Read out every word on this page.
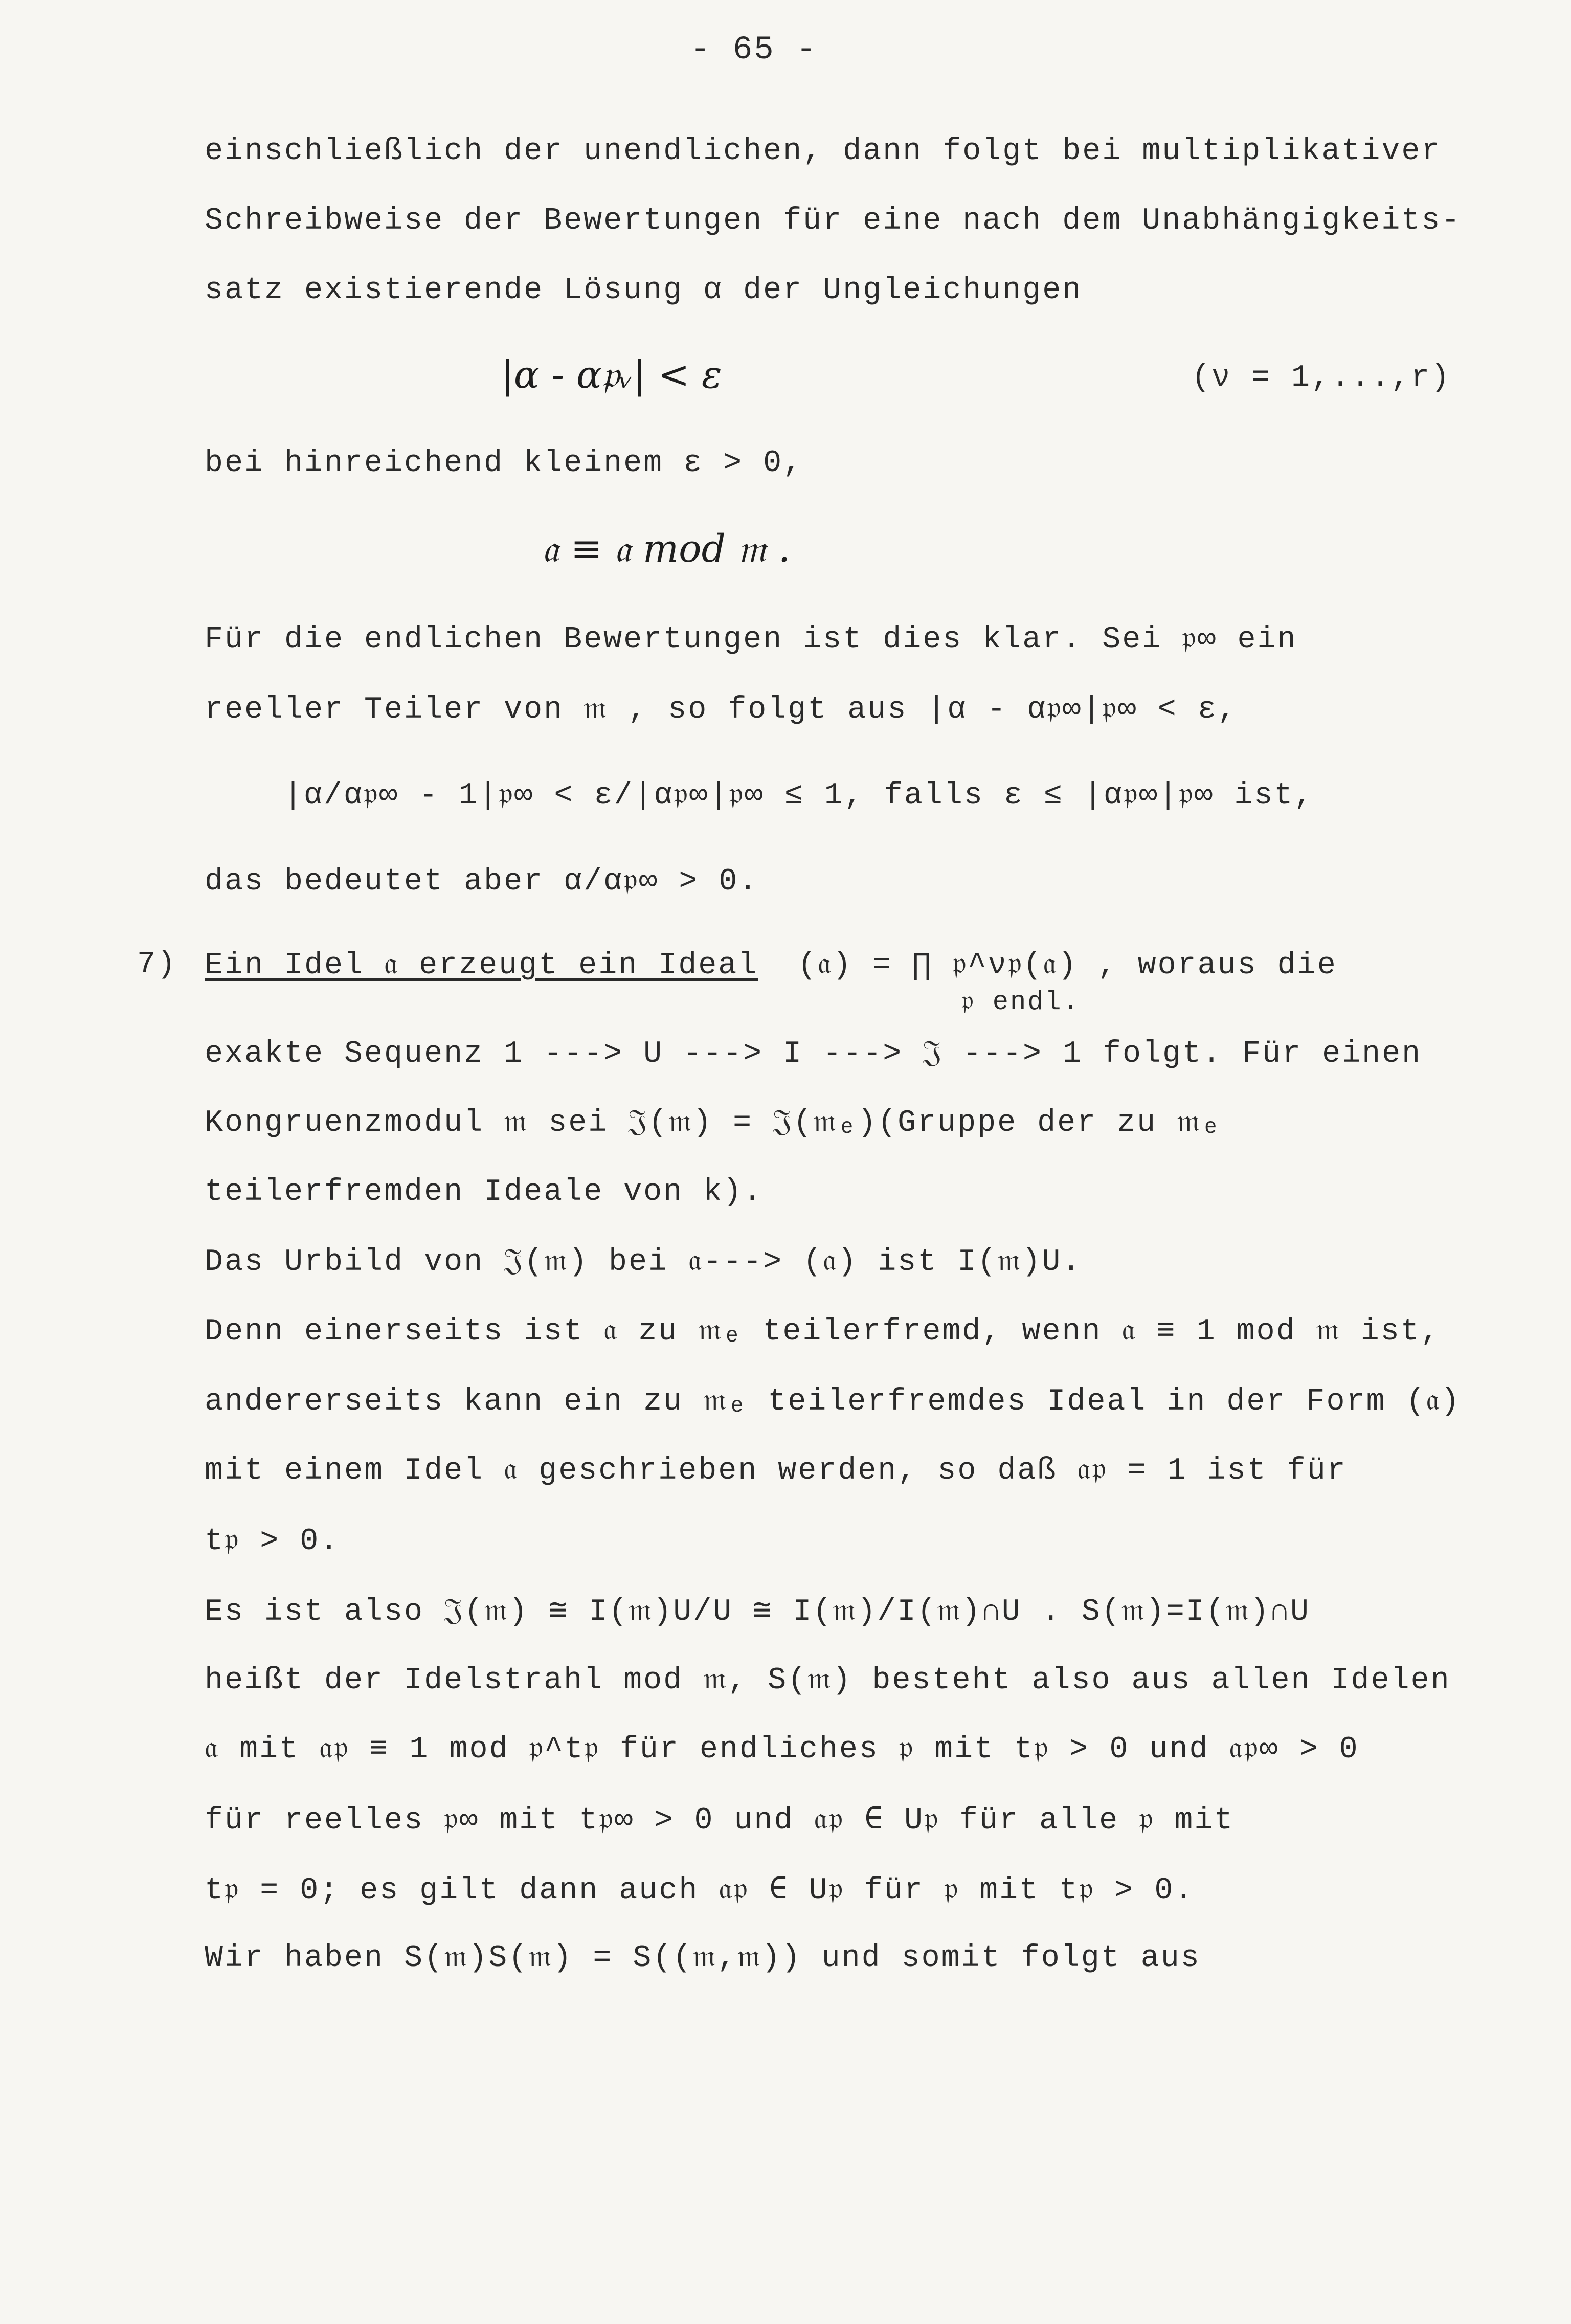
- 65 -
einschließlich der unendlichen, dann folgt bei multiplikativer
Schreibweise der Bewertungen für eine nach dem Unabhängigkeits-
satz existierende Lösung α der Ungleichungen
|α - α𝔭ᵥ| < ε	(ν = 1,...,r)
bei hinreichend kleinem ε > 0,
𝔞 ≡ 𝔞 mod 𝔪 .
Für die endlichen Bewertungen ist dies klar. Sei 𝔭∞ ein
reeller Teiler von 𝔪 , so folgt aus |α - α𝔭∞|𝔭∞ < ε,
|α/α𝔭∞ - 1|𝔭∞ < ε/|α𝔭∞|𝔭∞ ≤ 1, falls ε ≤ |α𝔭∞|𝔭∞ ist,
das bedeutet aber α/α𝔭∞ > 0.
7) Ein Idel 𝔞 erzeugt ein Ideal (𝔞) = ∏ 𝔭^ν𝔭(𝔞) , woraus die
𝔭 endl.
exakte Sequenz 1 ---> U ---> I ---> 𝔍 ---> 1 folgt. Für einen
Kongruenzmodul 𝔪 sei 𝔍(𝔪) = 𝔍(𝔪ₑ)(Gruppe der zu 𝔪ₑ
teilerfremden Ideale von k).
Das Urbild von 𝔍(𝔪) bei 𝔞---> (𝔞) ist I(𝔪)U.
Denn einerseits ist 𝔞 zu 𝔪ₑ teilerfremd, wenn 𝔞 ≡ 1 mod 𝔪 ist,
andererseits kann ein zu 𝔪ₑ teilerfremdes Ideal in der Form (𝔞)
mit einem Idel 𝔞 geschrieben werden, so daß 𝔞𝔭 = 1 ist für
t𝔭 > 0.
Es ist also 𝔍(𝔪) ≅ I(𝔪)U/U ≅ I(𝔪)/I(𝔪)∩U . S(𝔪)=I(𝔪)∩U
heißt der Idelstrahl mod 𝔪, S(𝔪) besteht also aus allen Idelen
𝔞 mit 𝔞𝔭 ≡ 1 mod 𝔭^t𝔭 für endliches 𝔭 mit t𝔭 > 0 und 𝔞𝔭∞ > 0
für reelles 𝔭∞ mit t𝔭∞ > 0 und 𝔞𝔭 ∈ U𝔭 für alle 𝔭 mit
t𝔭 = 0; es gilt dann auch 𝔞𝔭 ∈ U𝔭 für 𝔭 mit t𝔭 > 0.
Wir haben S(𝔪)S(𝔪) = S((𝔪,𝔪)) und somit folgt aus
